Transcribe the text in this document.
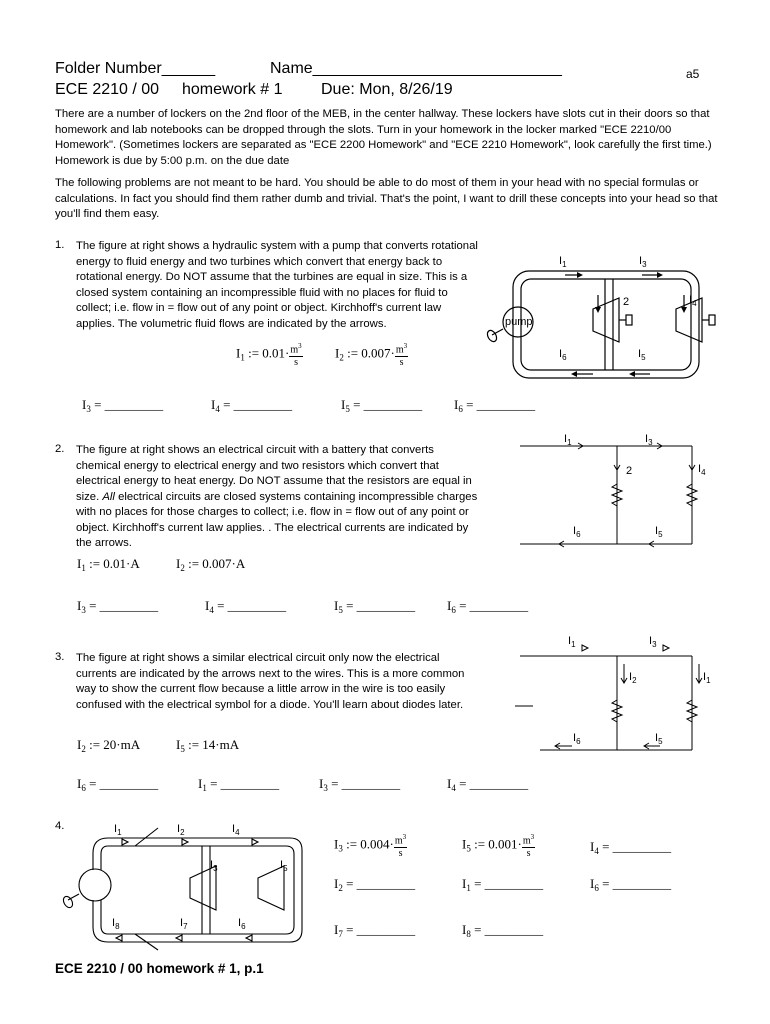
Folder Number______	Name____________________________
ECE 2210 / 00 homework # 1 Due: Mon, 8/26/19
a5
There are a number of lockers on the 2nd floor of the MEB, in the center hallway. These lockers have slots cut in their doors so that homework and lab notebooks can be dropped through the slots. Turn in your homework in the locker marked "ECE 2210/00 Homework". (Sometimes lockers are separated as "ECE 2200 Homework" and "ECE 2210 Homework", look carefully the first time.) Homework is due by 5:00 p.m. on the due date
The following problems are not meant to be hard. You should be able to do most of them in your head with no special formulas or calculations. In fact you should find them rather dumb and trivial. That's the point, I want to drill these concepts into your head so that you'll find them easy.
1. The figure at right shows a hydraulic system with a pump that converts rotational energy to fluid energy and two turbines which convert that energy back to rotational energy. Do NOT assume that the turbines are equal in size. This is a closed system containing an incompressible fluid with no places for fluid to collect; i.e. flow in = flow out of any point or object. Kirchhoff's current law applies. The volumetric fluid flows are indicated by the arrows.
$I_1$ := $0.01\cdot \frac{m^3}{s} I_2$ := $0.007\cdot \frac{m^3}{s}$
$I_3$ = _________	$I_4$ = _________	$I_5$ = _________ $I_6$ = _________
$I_1$	$I_3$
2	$I_4$
$I_6$	$I_5$
pump
2. The figure at right shows an electrical circuit with a battery that converts chemical energy to electrical energy and two resistors which convert that electrical energy to heat energy. Do NOT assume that the resistors are equal in size. All electrical circuits are closed systems containing incompressible charges with no places for those charges to collect; i.e. flow in = flow out of any point or object. Kirchhoff's current law applies. . The electrical currents are indicated by the arrows.
$I_1$ := 0.01·A	$I_2$ := 0.007·A
$I_3$ = _________	$I_4$ = _________	$I_5$ = _________ $I_6$ = _________
$I_1$	$I_3$
2	$I_4$
$I_6$	$I_5$
3. The figure at right shows a similar electrical circuit only now the electrical currents are indicated by the arrows next to the wires. This is a more common way to show the current flow because a little arrow in the wire is too easily confused with the electrical symbol for a diode. You'll learn about diodes later.
$I_2$ := 20·mA	$I_5$ := 14·mA
$I_6$ = _________	$I_1$ = _________	$I_3$ = _________	$I_4$ = _________
$I_1$	$I_3$
$I_2$	$I_1$
$I_6$	$I_5$
4.
$I_3$ := $0.004\cdot \frac{m^3}{s}$	$I_5$ := $0.001\cdot \frac{m^3}{s}$	$I_4$ = _________
$I_2$ = _________	$I_1$ = _________	$I_6$ = _________
$I_7$ = _________	$I_8$ = _________
$I_1$	$I_2$	$I_4$
$I_3$	$I_5$
$I_8$	$I_7$	$I_6$
ECE 2210 / 00 homework # 1, p.1
